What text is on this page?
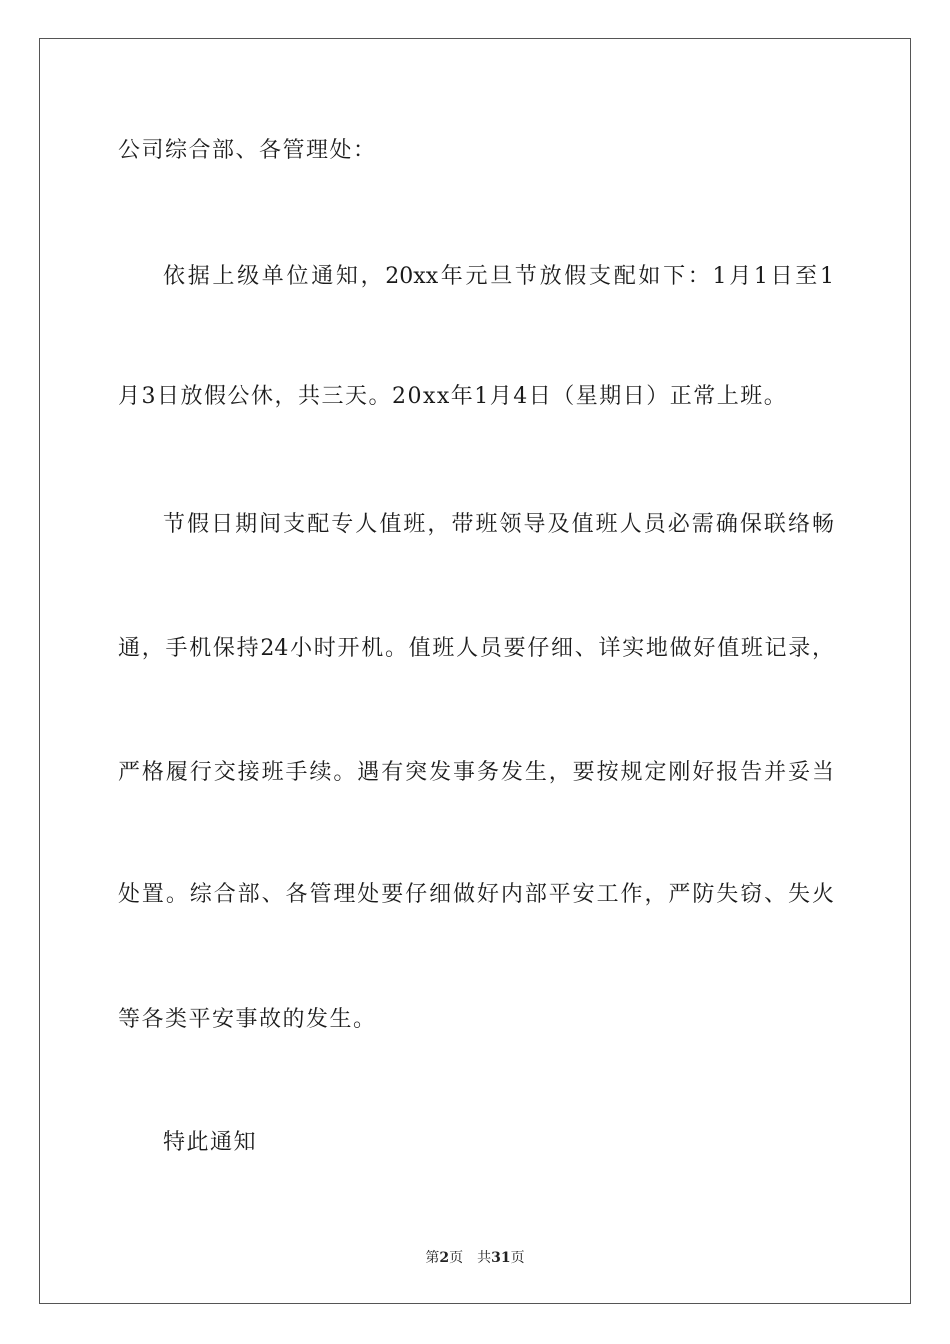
公司综合部、各管理处：
依据上级单位通知，20xx年元旦节放假支配如下：1月1日至1
月3日放假公休，共三天。20xx年1月4日（星期日）正常上班。
节假日期间支配专人值班，带班领导及值班人员必需确保联络畅
通，手机保持24小时开机。值班人员要仔细、详实地做好值班记录，
严格履行交接班手续。遇有突发事务发生，要按规定刚好报告并妥当
处置。综合部、各管理处要仔细做好内部平安工作，严防失窃、失火
等各类平安事故的发生。
特此通知
第2页 共31页
